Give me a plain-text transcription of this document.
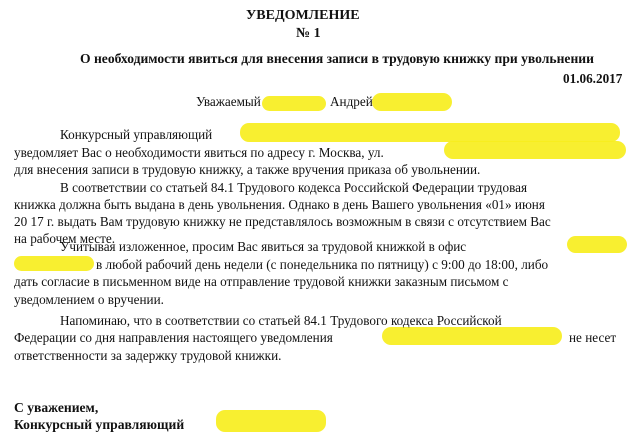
УВЕДОМЛЕНИЕ
№ 1
О необходимости явиться для внесения записи в трудовую книжку при увольнении
01.06.2017
Уважаемый	Андрей
Конкурсный управляющий
уведомляет Вас о необходимости явиться по адресу г. Москва, ул.
для внесения записи в трудовую книжку, а также вручения приказа об увольнении.
В соответствии со статьей 84.1 Трудового кодекса Российской Федерации трудовая
книжка должна быть выдана в день увольнения. Однако в день Вашего увольнения «01» июня
20 17 г. выдать Вам трудовую книжку не представлялось возможным в связи с отсутствием Вас
на рабочем месте.
Учитывая изложенное, просим Вас явиться за трудовой книжкой в офис
в любой рабочий день недели (с понедельника по пятницу) с 9:00 до 18:00, либо
дать согласие в письменном виде на отправление трудовой книжки заказным письмом с
уведомлением о вручении.
Напоминаю, что в соответствии со статьей 84.1 Трудового кодекса Российской
Федерации со дня направления настоящего уведомления	не несет
ответственности за задержку трудовой книжки.
С уважением,
Конкурсный управляющий
